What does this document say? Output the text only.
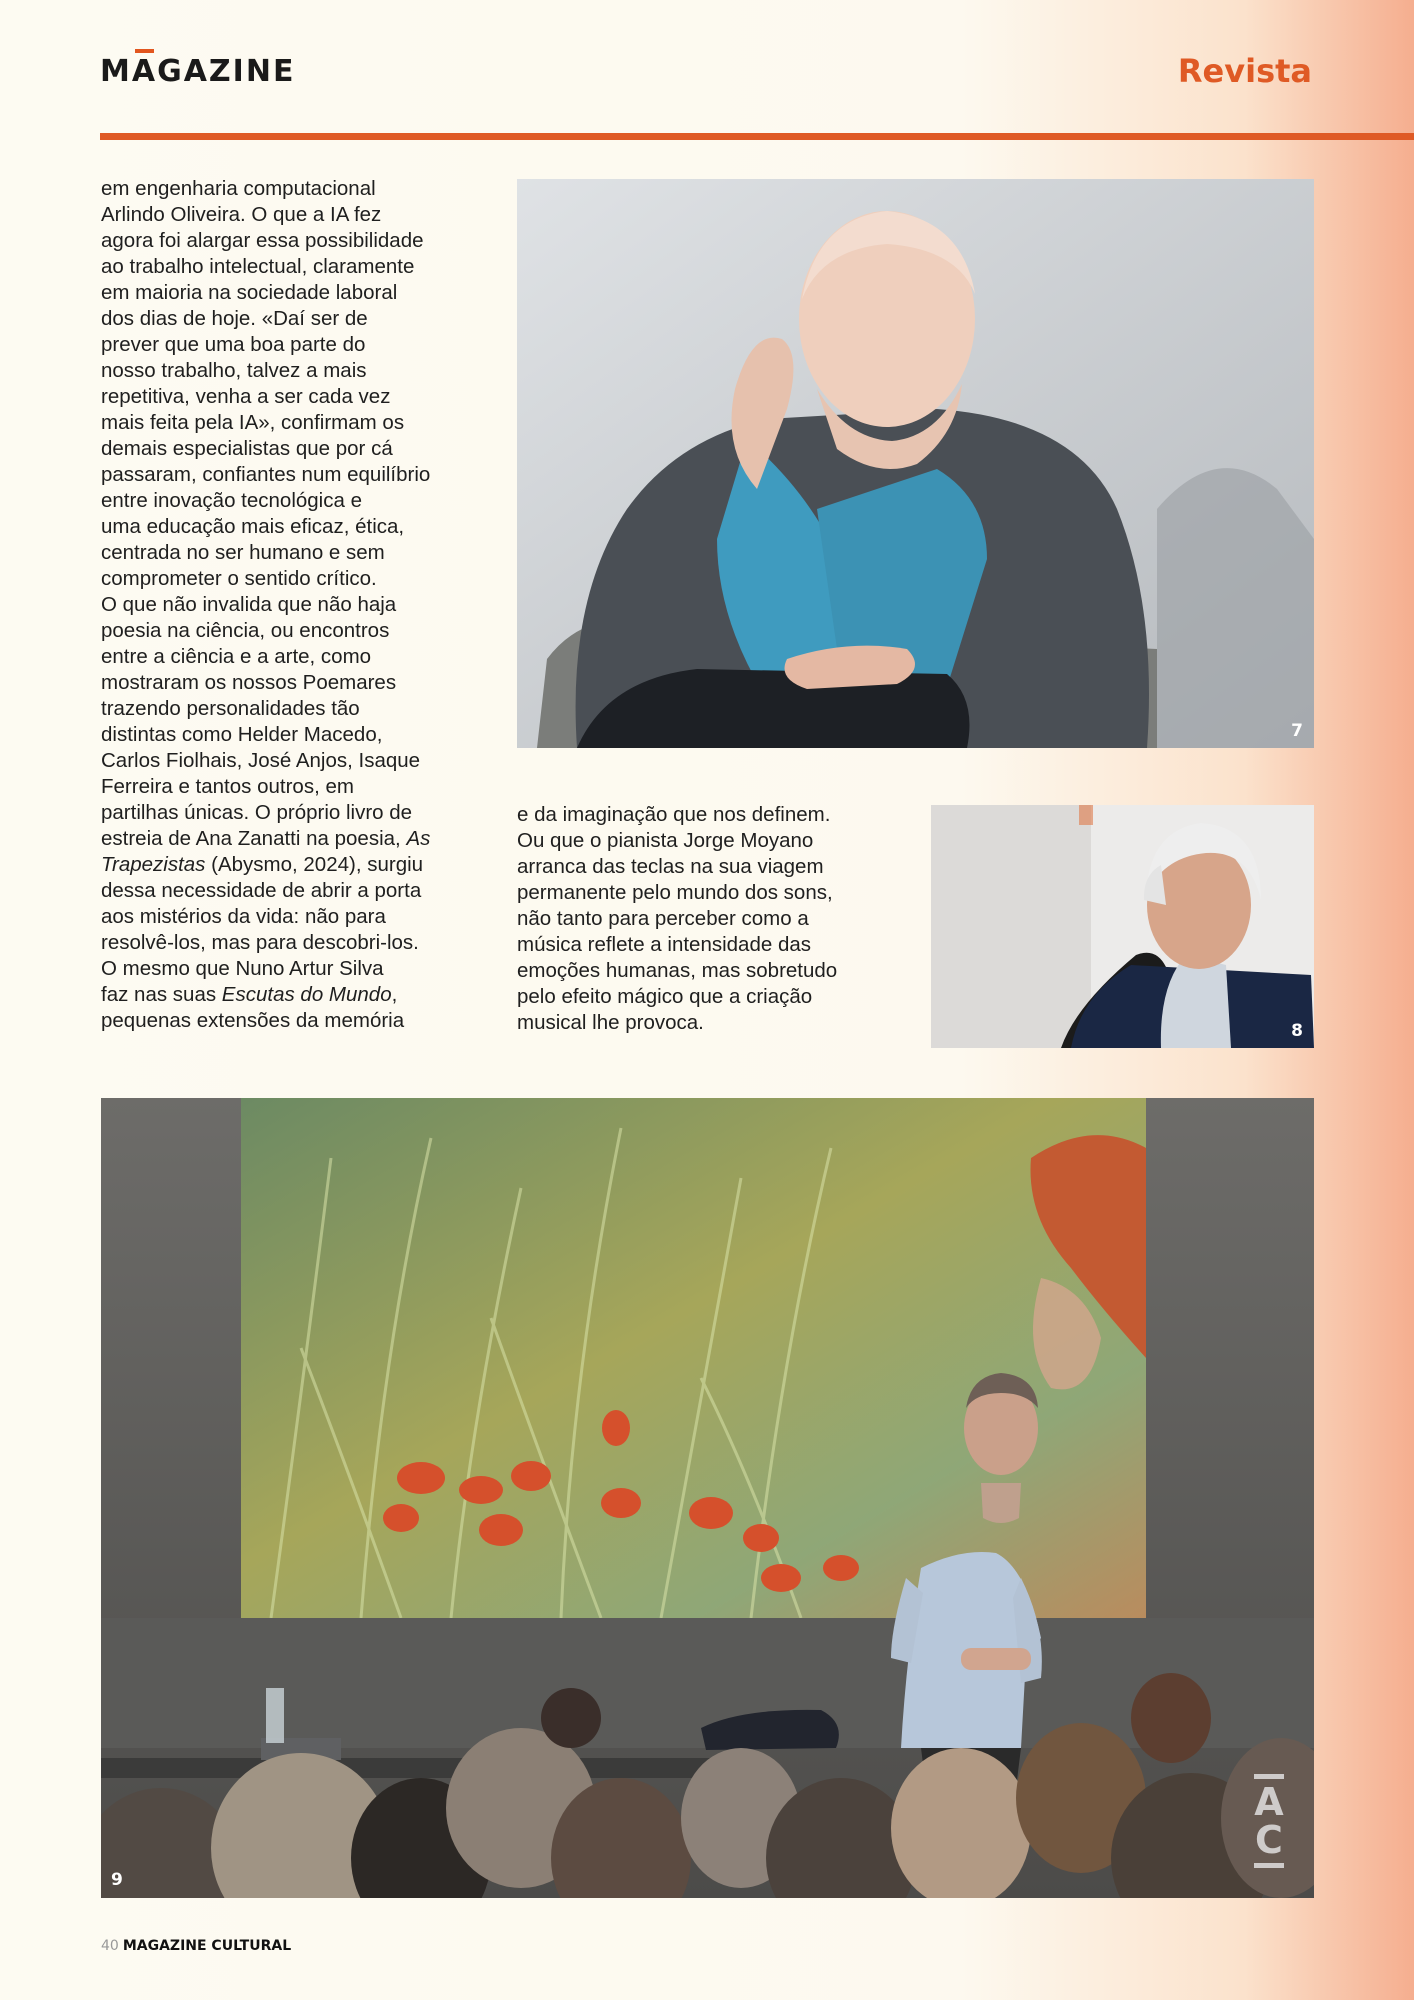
MAGAZINE	Revista
em engenharia computacional
Arlindo Oliveira. O que a IA fez
agora foi alargar essa possibilidade
ao trabalho intelectual, claramente
em maioria na sociedade laboral
dos dias de hoje. «Daí ser de
prever que uma boa parte do
nosso trabalho, talvez a mais
repetitiva, venha a ser cada vez
mais feita pela IA», confirmam os
demais especialistas que por cá
passaram, confiantes num equilíbrio
entre inovação tecnológica e
uma educação mais eficaz, ética,
centrada no ser humano e sem
comprometer o sentido crítico.
O que não invalida que não haja
poesia na ciência, ou encontros
entre a ciência e a arte, como
mostraram os nossos Poemares
trazendo personalidades tão
distintas como Helder Macedo,
Carlos Fiolhais, José Anjos, Isaque
Ferreira e tantos outros, em
partilhas únicas. O próprio livro de
estreia de Ana Zanatti na poesia, As Trapezistas (Abysmo, 2024), surgiu
dessa necessidade de abrir a porta
aos mistérios da vida: não para
resolvê-los, mas para descobri-los.
O mesmo que Nuno Artur Silva
faz nas suas Escutas do Mundo,
pequenas extensões da memória
7
e da imaginação que nos definem.
Ou que o pianista Jorge Moyano
arranca das teclas na sua viagem
permanente pelo mundo dos sons,
não tanto para perceber como a
música reflete a intensidade das
emoções humanas, mas sobretudo
pelo efeito mágico que a criação
musical lhe provoca.	8
AC
9
40 MAGAZINE CULTURAL
